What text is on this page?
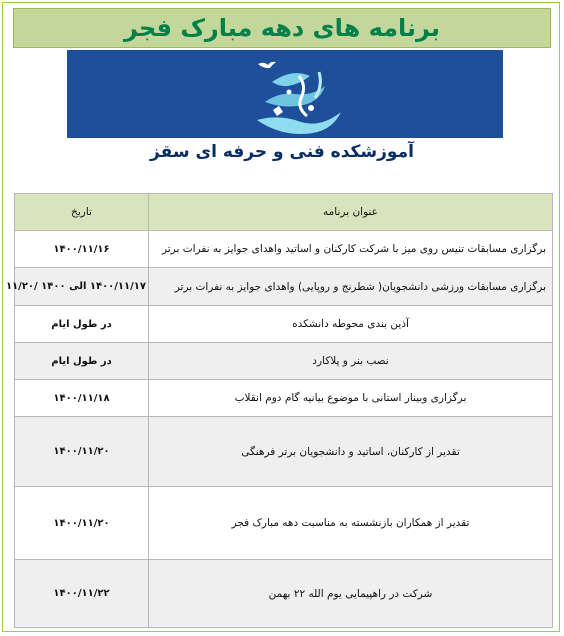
برنامه های دهه مبارک فجر
آموزشکده فنی و حرفه ای سقز
عنوان برنامه	تاریخ
برگزاری مسابقات تنیس روی میز با شرکت کارکنان و اساتید واهدای جوایز به نفرات برتر	۱۴۰۰/۱۱/۱۶
برگزاری مسابقات ورزشی دانشجویان( شطرنج و روپایی) واهدای جوایز به نفرات برتر	۱۴۰۰/۱۱/۱۷ الی ۱۴۰۰ /۱۱/۲۰
آذین بندی محوطه دانشکده	در طول ایام
نصب بنر و پلاکارد	در طول ایام
برگزاری وبینار استانی با موضوع بیانیه گام دوم انقلاب	۱۴۰۰/۱۱/۱۸
تقدیر از کارکنان، اساتید و دانشجویان برتر فرهنگی	۱۴۰۰/۱۱/۲۰
تقدیر از همکاران بازنشسته به مناسبت دهه مبارک فجر	۱۴۰۰/۱۱/۲۰
شرکت در راهپیمایی یوم الله ۲۲ بهمن	۱۴۰۰/۱۱/۲۲
